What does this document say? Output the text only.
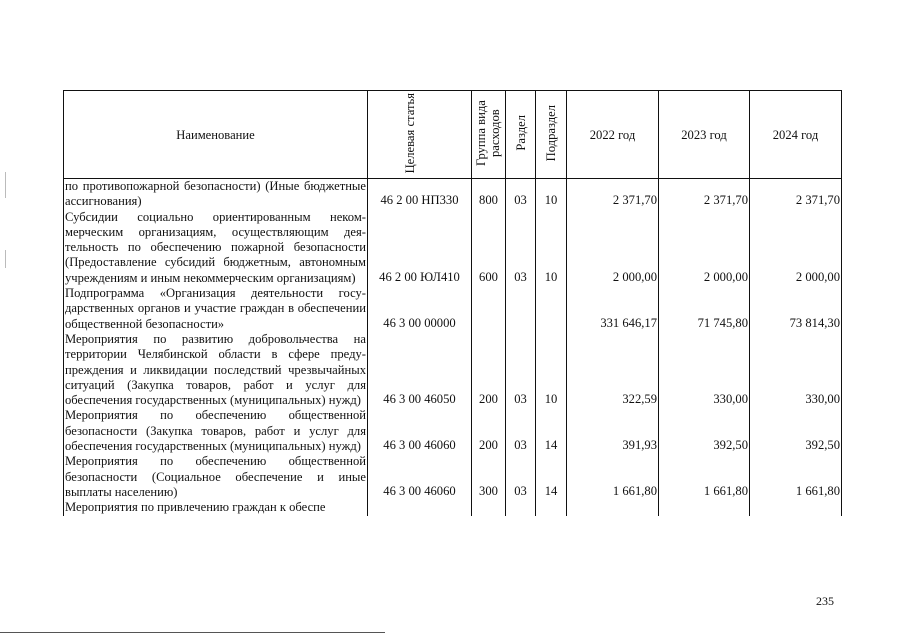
Наименование	Целевая статья	Группа вида расходов	Раздел	Подраздел	2022 год	2023 год	2024 год
по противопожарной безопасности) (Иные бюджетные ассигнования)	46 2 00 НП330	800	03	10	2 371,70	2 371,70	2 371,70
Субсидии социально ориентированным некоммерческим организациям, осуществляющим деятельность по обеспечению пожарной безопасности (Предоставление субсидий бюджетным, автономным учреждениям и иным некоммерческим организациям)	46 2 00 ЮЛ410	600	03	10	2 000,00	2 000,00	2 000,00
Подпрограмма «Организация деятельности государственных органов и участие граждан в обеспечении общественной безопасности»	46 3 00 00000				331 646,17	71 745,80	73 814,30
Мероприятия по развитию добровольчества на территории Челябинской области в сфере предупреждения и ликвидации последствий чрезвычайных ситуаций (Закупка товаров, работ и услуг для обеспечения государственных (муниципальных) нужд)	46 3 00 46050	200	03	10	322,59	330,00	330,00
Мероприятия по обеспечению общественной безопасности (Закупка товаров, работ и услуг для обеспечения государственных (муниципальных) нужд)	46 3 00 46060	200	03	14	391,93	392,50	392,50
Мероприятия по обеспечению общественной безопасности (Социальное обеспечение и иные выплаты населению)	46 3 00 46060	300	03	14	1 661,80	1 661,80	1 661,80
Мероприятия по привлечению граждан к обеспе							
235
